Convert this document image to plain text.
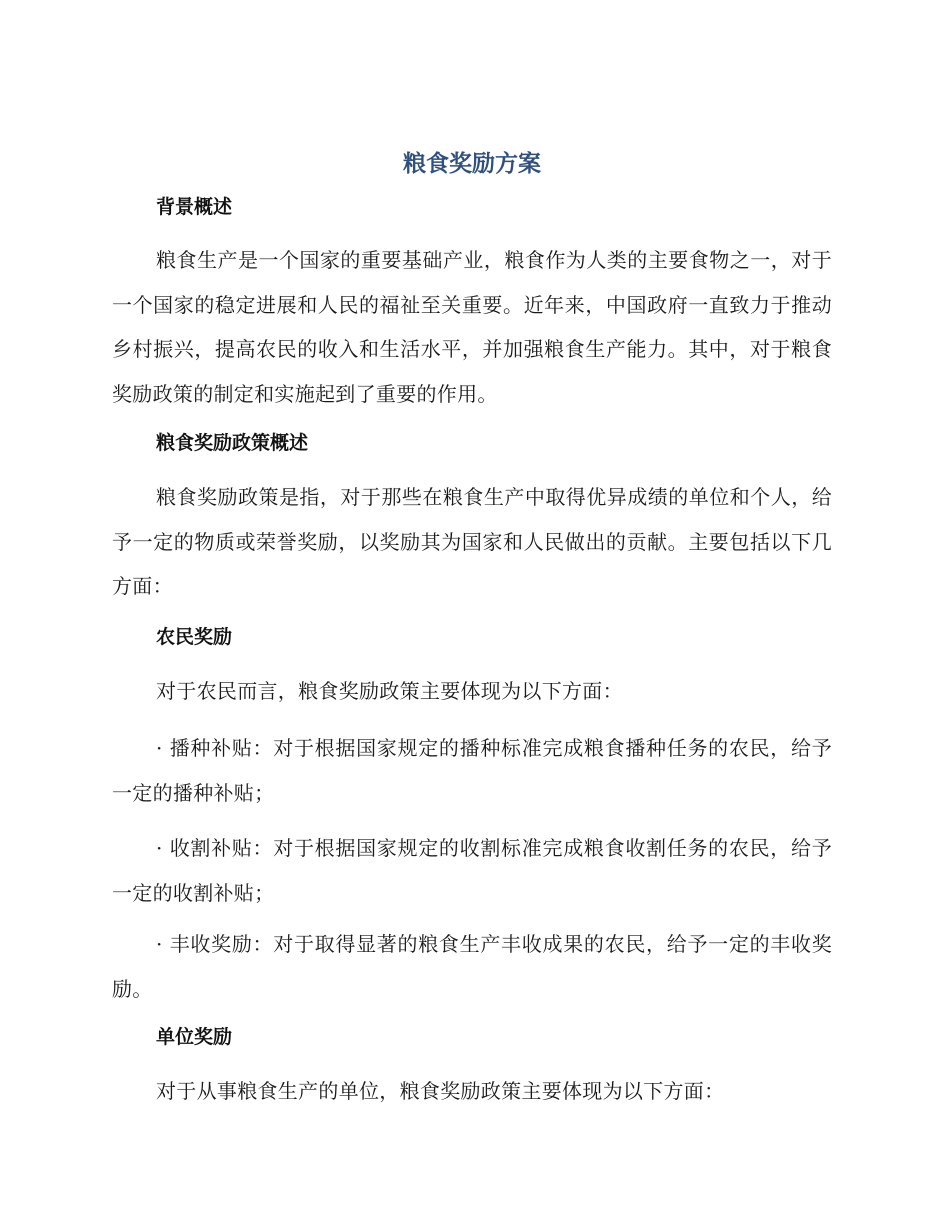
粮食奖励方案
背景概述

粮食生产是一个国家的重要基础产业，粮食作为人类的主要食物之一，对于一个国家的稳定进展和人民的福祉至关重要。近年来，中国政府一直致力于推动乡村振兴，提高农民的收入和生活水平，并加强粮食生产能力。其中，对于粮食奖励政策的制定和实施起到了重要的作用。

粮食奖励政策概述

粮食奖励政策是指，对于那些在粮食生产中取得优异成绩的单位和个人，给予一定的物质或荣誉奖励，以奖励其为国家和人民做出的贡献。主要包括以下几方面：

农民奖励

对于农民而言，粮食奖励政策主要体现为以下方面：

· 播种补贴：对于根据国家规定的播种标准完成粮食播种任务的农民，给予一定的播种补贴；

· 收割补贴：对于根据国家规定的收割标准完成粮食收割任务的农民，给予一定的收割补贴；

· 丰收奖励：对于取得显著的粮食生产丰收成果的农民，给予一定的丰收奖励。

单位奖励

对于从事粮食生产的单位，粮食奖励政策主要体现为以下方面：
